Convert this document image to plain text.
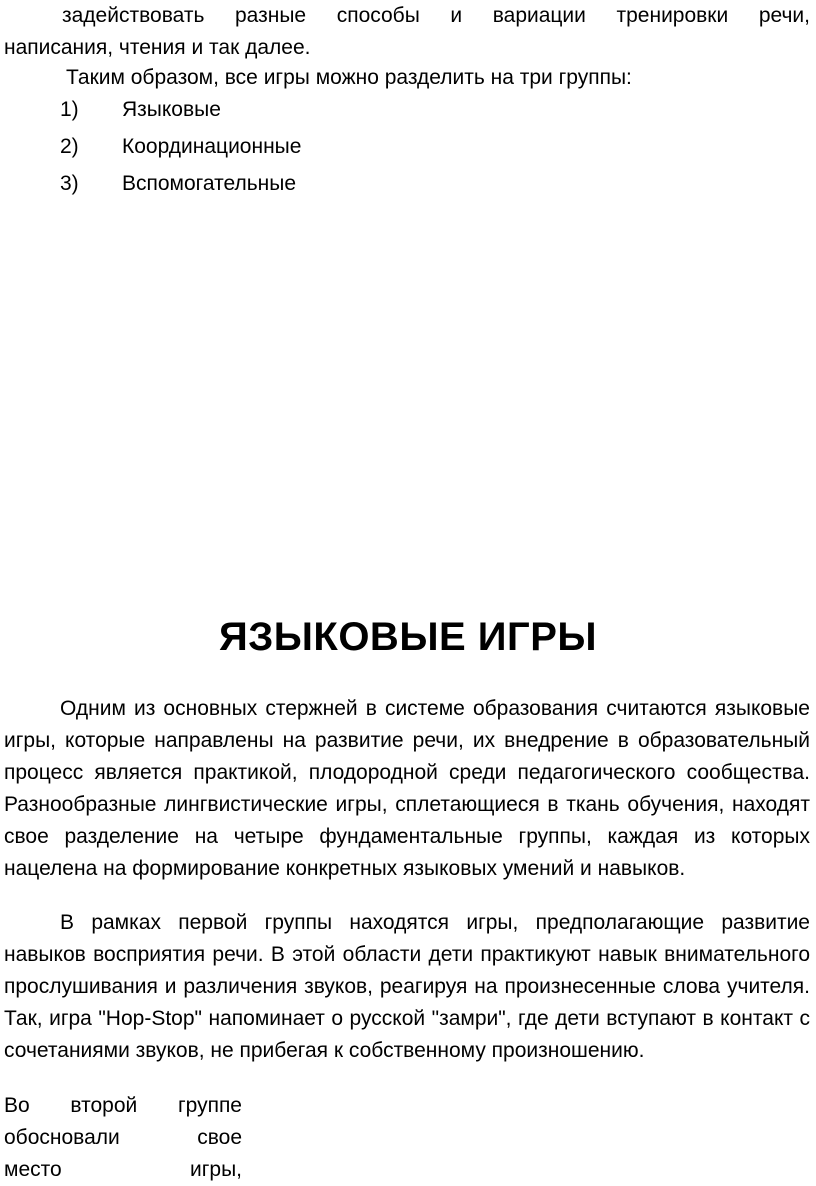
задействовать разные способы и вариации тренировки речи,

написания, чтения и так далее.

Таким образом, все игры можно разделить на три группы:

1)	Языковые
2)	Координационные
3)	Вспомогательные
ЯЗЫКОВЫЕ ИГРЫ

Одним из основных стержней в системе образования считаются языковые игры, которые направлены на развитие речи, их внедрение в образовательный процесс является практикой, плодородной среди педагогического сообщества. Разнообразные лингвистические игры, сплетающиеся в ткань обучения, находят свое разделение на четыре фундаментальные группы, каждая из которых нацелена на формирование конкретных языковых умений и навыков.

В рамках первой группы находятся игры, предполагающие развитие навыков восприятия речи. В этой области дети практикуют навык внимательного прослушивания и различения звуков, реагируя на произнесенные слова учителя. Так, игра "Hop-Stop" напоминает о русской "замри", где дети вступают в контакт с сочетаниями звуков, не прибегая к собственному произношению.

Во второй группе
обосновали свое
место игры,
